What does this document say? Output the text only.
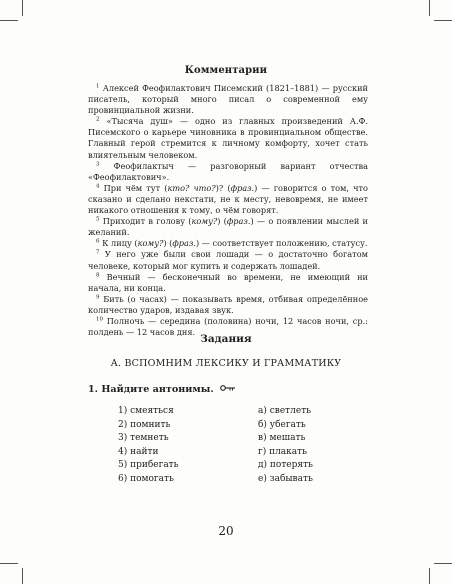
Комментарии

$^1$ Алексей Феофилактович Писемский (1821–1881) — русский писатель, который много писал о современной ему провинциальной жизни.

$^2$ «Тысяча душ» — одно из главных произведений А.Ф. Писемского о карьере чиновника в провинциальном обществе. Главный герой стремится к личному комфорту, хочет стать влиятельным человеком.

$^3$ Феофилактыч — разговорный вариант отчества «Феофилактович».

$^4$ При чём тут (кто? что?)? (фраз.) — говорится о том, что сказано и сделано некстати, не к месту, невовремя, не имеет никакого отношения к тому, о чём говорят.

$^5$ Приходит в голову (кому?) (фраз.) — о появлении мыслей и желаний.

$^6$ К лицу (кому?) (фраз.) — соответствует положению, статусу.

$^7$ У него уже были свои лошади — о достаточно богатом человеке, который мог купить и содержать лошадей.

$^8$ Вечный — бесконечный во времени, не имеющий ни начала, ни конца.

$^9$ Бить (о часах) — показывать время, отбивая определённое количество ударов, издавая звук.

$^{10}$ Полночь — середина (половина) ночи, 12 часов ночи, ср.: полдень — 12 часов дня.

Задания
А. ВСПОМНИМ ЛЕКСИКУ И ГРАММАТИКУ
1. Найдите антонимы.
1) смеяться
2) помнить
3) темнеть
4) найти
5) прибегать
6) помогать
а) светлеть
б) убегать
в) мешать
г) плакать
д) потерять
е) забывать
20
